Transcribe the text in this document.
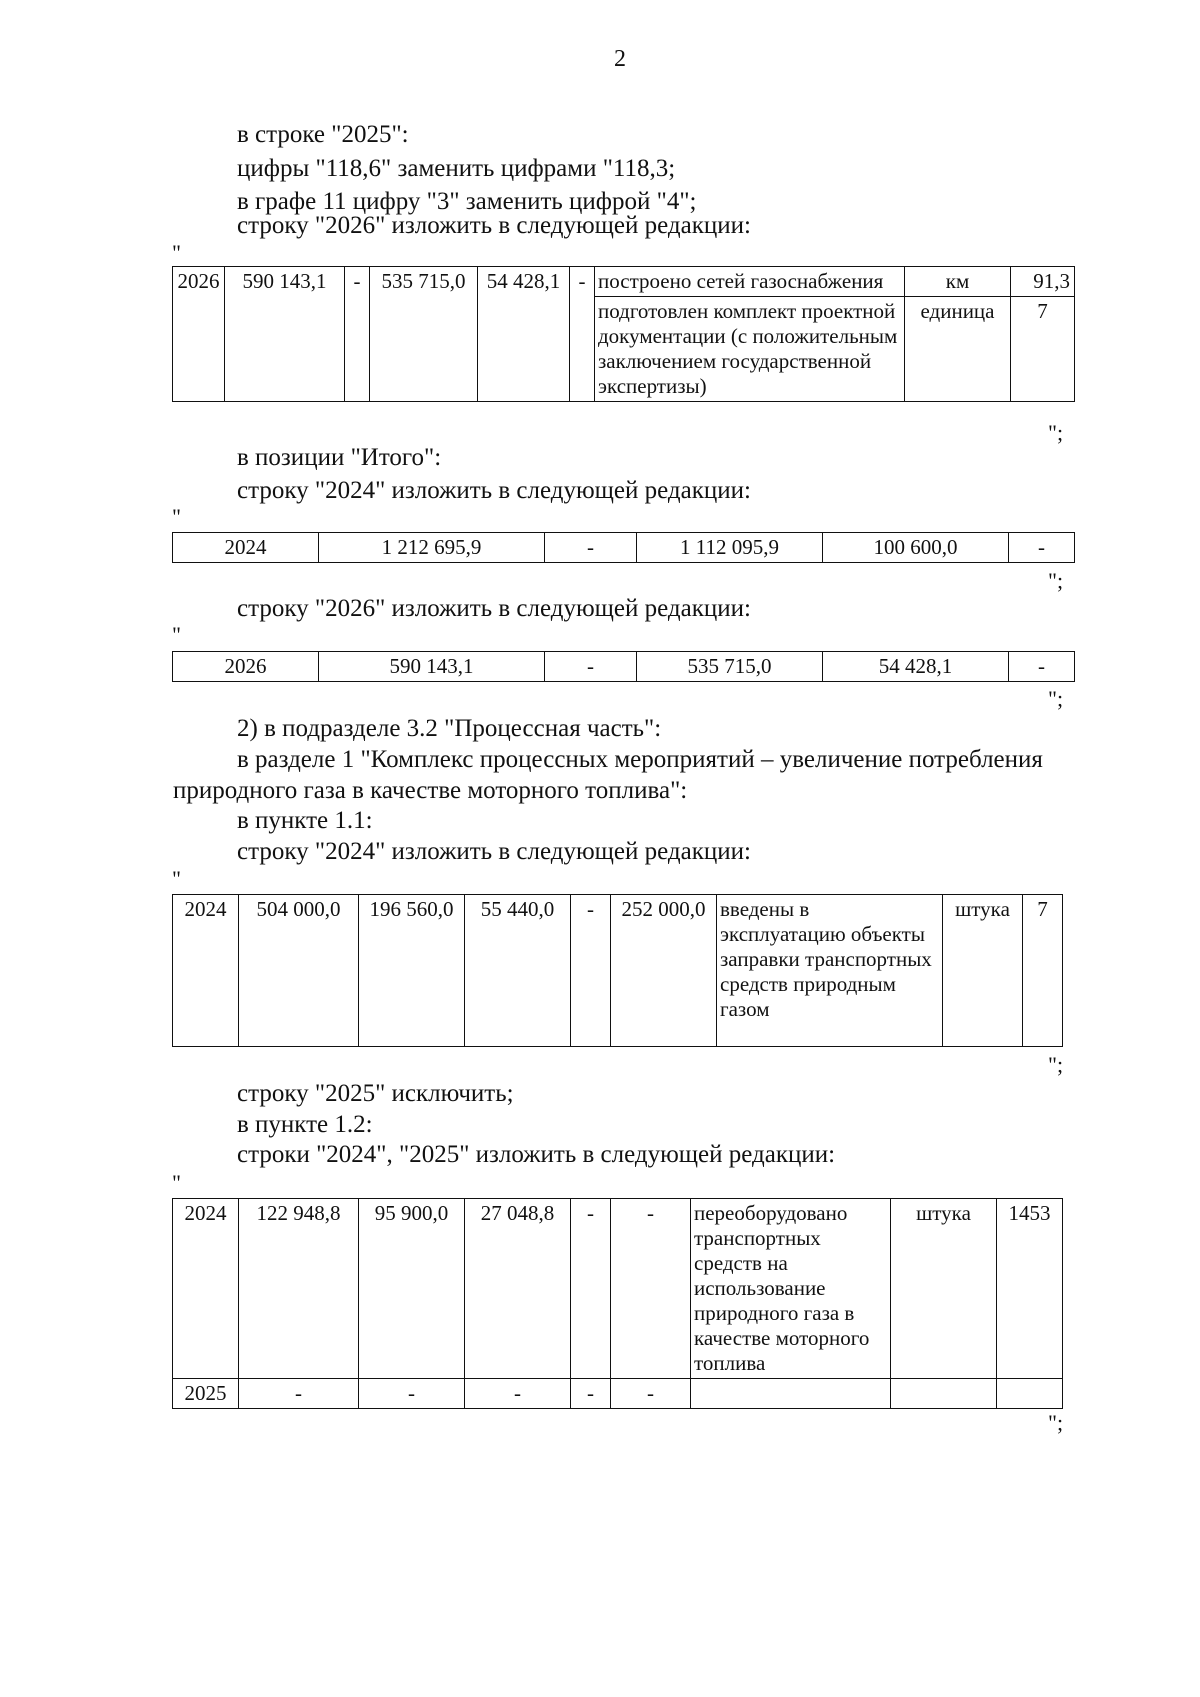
2
в строке "2025":
цифры "118,6" заменить цифрами "118,3;
в графе 11 цифру "3" заменить цифрой "4";
строку "2026" изложить в следующей редакции:
"
2026	590 143,1	-	535 715,0	54 428,1	-	построено сетей газоснабжения	км	91,3
						подготовлен комплект проектной документации (с положительным заключением государственной экспертизы)	единица	7
";
в позиции "Итого":
строку "2024" изложить в следующей редакции:
"
2024	1 212 695,9	-	1 112 095,9	100 600,0	-
";
строку "2026" изложить в следующей редакции:
"
2026	590 143,1	-	535 715,0	54 428,1	-
";
2) в подразделе 3.2 "Процессная часть":
в разделе 1 "Комплекс процессных мероприятий – увеличение потребления
природного газа в качестве моторного топлива":
в пункте 1.1:
строку "2024" изложить в следующей редакции:
"
2024	504 000,0	196 560,0	55 440,0	-	252 000,0	введены в эксплуатацию объекты заправки транспортных средств природным газом	штука	7
";
строку "2025" исключить;
в пункте 1.2:
строки "2024", "2025" изложить в следующей редакции:
"
2024	122 948,8	95 900,0	27 048,8	-	-	переоборудовано транспортных средств на использование природного газа в качестве моторного топлива	штука	1453
2025	-	-	-	-	-			
";
